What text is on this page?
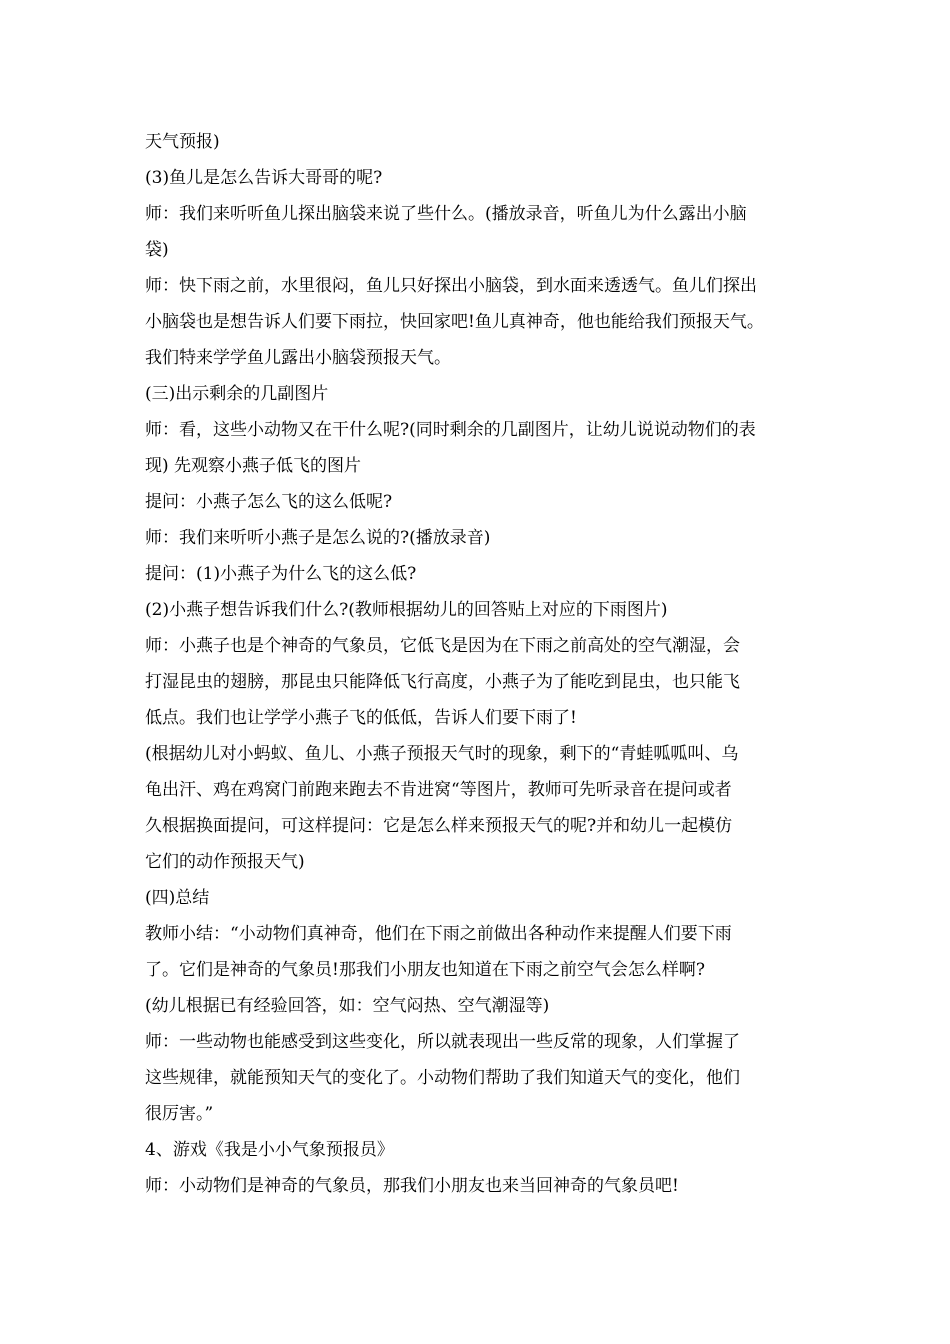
天气预报)
(3)鱼儿是怎么告诉大哥哥的呢?
师：我们来听听鱼儿探出脑袋来说了些什么。(播放录音，听鱼儿为什么露出小脑
袋)
师：快下雨之前，水里很闷，鱼儿只好探出小脑袋，到水面来透透气。鱼儿们探出
小脑袋也是想告诉人们要下雨拉，快回家吧!鱼儿真神奇，他也能给我们预报天气。
我们特来学学鱼儿露出小脑袋预报天气。
(三)出示剩余的几副图片
师：看，这些小动物又在干什么呢?(同时剩余的几副图片，让幼儿说说动物们的表
现) 先观察小燕子低飞的图片
提问：小燕子怎么飞的这么低呢?
师：我们来听听小燕子是怎么说的?(播放录音)
提问：(1)小燕子为什么飞的这么低?
(2)小燕子想告诉我们什么?(教师根据幼儿的回答贴上对应的下雨图片)
师：小燕子也是个神奇的气象员，它低飞是因为在下雨之前高处的空气潮湿，会
打湿昆虫的翅膀，那昆虫只能降低飞行高度，小燕子为了能吃到昆虫，也只能飞
低点。我们也让学学小燕子飞的低低，告诉人们要下雨了!
(根据幼儿对小蚂蚁、鱼儿、小燕子预报天气时的现象，剩下的“青蛙呱呱叫、乌
龟出汗、鸡在鸡窝门前跑来跑去不肯进窝“等图片，教师可先听录音在提问或者
久根据换面提问，可这样提问：它是怎么样来预报天气的呢?并和幼儿一起模仿
它们的动作预报天气)
(四)总结
教师小结：“小动物们真神奇，他们在下雨之前做出各种动作来提醒人们要下雨
了。它们是神奇的气象员!那我们小朋友也知道在下雨之前空气会怎么样啊?
(幼儿根据已有经验回答，如：空气闷热、空气潮湿等)
师：一些动物也能感受到这些变化，所以就表现出一些反常的现象，人们掌握了
这些规律，就能预知天气的变化了。小动物们帮助了我们知道天气的变化，他们
很厉害。”
4、游戏《我是小小气象预报员》
师：小动物们是神奇的气象员，那我们小朋友也来当回神奇的气象员吧!
